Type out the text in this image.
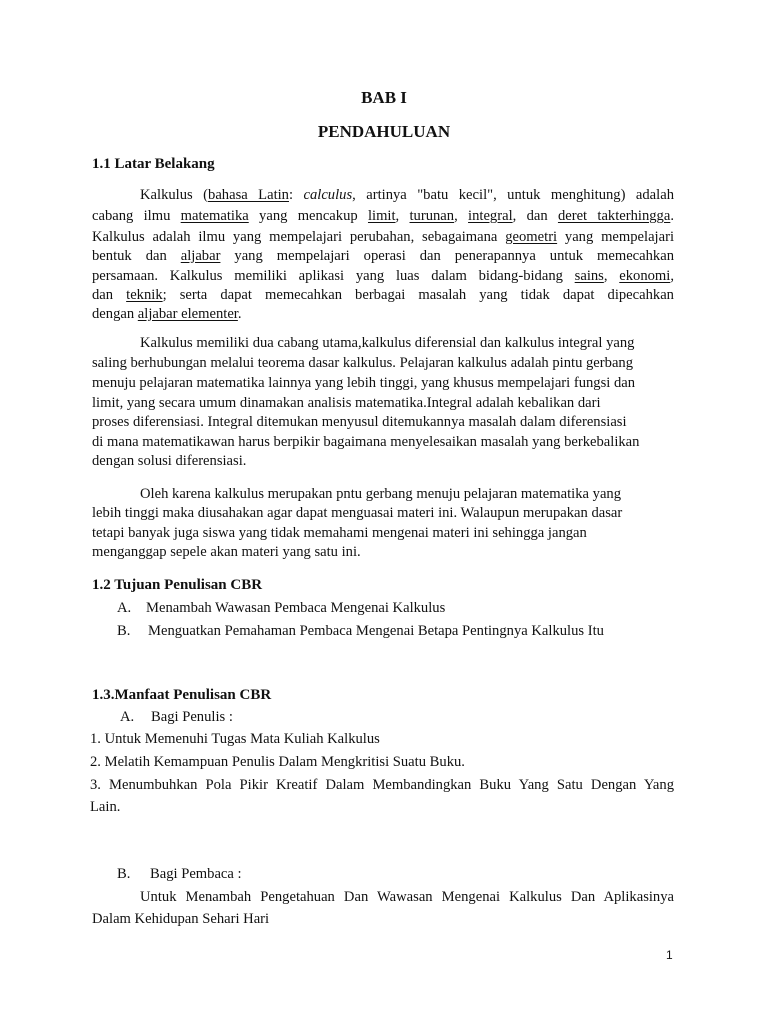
BAB I
PENDAHULUAN
1.1 Latar Belakang
Kalkulus (bahasa Latin: calculus, artinya "batu kecil", untuk menghitung) adalah
cabang ilmu matematika yang mencakup limit, turunan, integral, dan deret takterhingga.
Kalkulus adalah ilmu yang mempelajari perubahan, sebagaimana geometri yang mempelajari
bentuk dan aljabar yang mempelajari operasi dan penerapannya untuk memecahkan
persamaan. Kalkulus memiliki aplikasi yang luas dalam bidang-bidang sains, ekonomi,
dan teknik; serta dapat memecahkan berbagai masalah yang tidak dapat dipecahkan
dengan aljabar elementer.
Kalkulus memiliki dua cabang utama,kalkulus diferensial dan kalkulus integral yang
saling berhubungan melalui teorema dasar kalkulus. Pelajaran kalkulus adalah pintu gerbang
menuju pelajaran matematika lainnya yang lebih tinggi, yang khusus mempelajari fungsi dan
limit, yang secara umum dinamakan analisis matematika.Integral adalah kebalikan dari
proses diferensiasi. Integral ditemukan menyusul ditemukannya masalah dalam diferensiasi
di mana matematikawan harus berpikir bagaimana menyelesaikan masalah yang berkebalikan
dengan solusi diferensiasi.
Oleh karena kalkulus merupakan pntu gerbang menuju pelajaran matematika yang
lebih tinggi maka diusahakan agar dapat menguasai materi ini. Walaupun merupakan dasar
tetapi banyak juga siswa yang tidak memahami mengenai materi ini sehingga jangan
menganggap sepele akan materi yang satu ini.
1.2 Tujuan Penulisan CBR
A. Menambah Wawasan Pembaca Mengenai Kalkulus
B. Menguatkan Pemahaman Pembaca Mengenai Betapa Pentingnya Kalkulus Itu
1.3.Manfaat Penulisan CBR
A. Bagi Penulis :
1. Untuk Memenuhi Tugas Mata Kuliah Kalkulus
2. Melatih Kemampuan Penulis Dalam Mengkritisi Suatu Buku.
3. Menumbuhkan Pola Pikir Kreatif Dalam Membandingkan Buku Yang Satu Dengan Yang
Lain.
B. Bagi Pembaca :
Untuk Menambah Pengetahuan Dan Wawasan Mengenai Kalkulus Dan Aplikasinya
Dalam Kehidupan Sehari Hari
1
